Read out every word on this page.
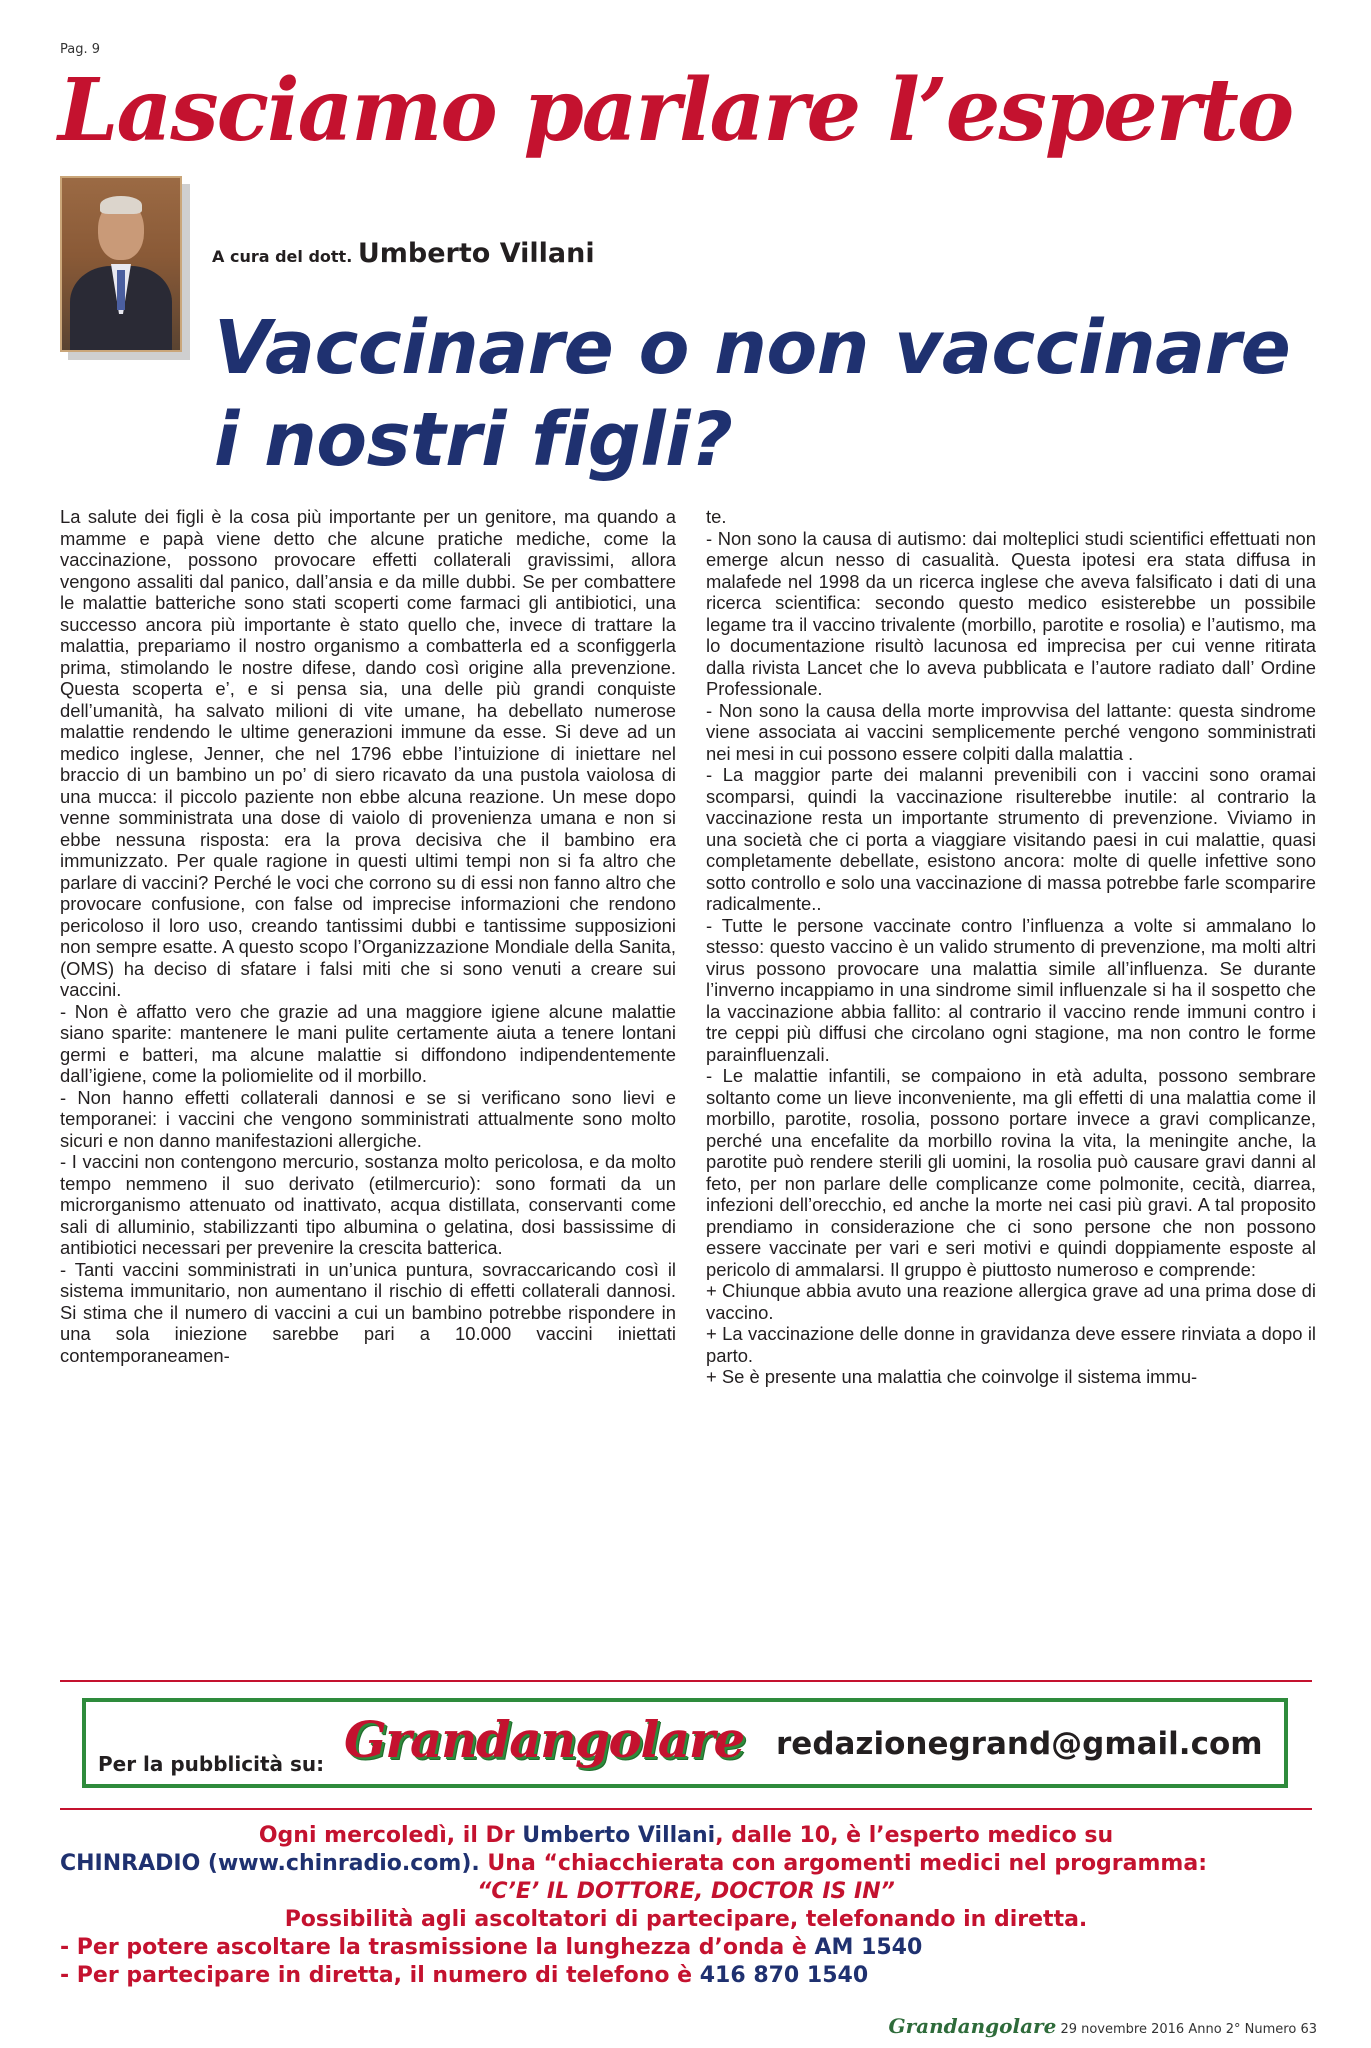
Pag. 9
Lasciamo parlare l’esperto
A cura del dott. Umberto Villani
Vaccinare o non vaccinare
i nostri figli?

La salute dei figli è la cosa più importante per un genitore, ma quando a mamme e papà viene detto che alcune pratiche mediche, come la vaccinazione, possono provocare effetti collaterali gravissimi, allora vengono assaliti dal panico, dall’ansia e da mille dubbi. Se per combattere le malattie batteriche sono stati scoperti come farmaci gli antibiotici, una successo ancora più importante è stato quello che, invece di trattare la malattia, prepariamo il nostro organismo a combatterla ed a sconfiggerla prima, stimolando le nostre difese, dando così origine alla prevenzione. Questa scoperta e’, e si pensa sia, una delle più grandi conquiste dell’umanità, ha salvato milioni di vite umane, ha debellato numerose malattie rendendo le ultime generazioni immune da esse. Si deve ad un medico inglese, Jenner, che nel 1796 ebbe l’intuizione di iniettare nel braccio di un bambino un po’ di siero ricavato da una pustola vaiolosa di una mucca: il piccolo paziente non ebbe alcuna reazione. Un mese dopo venne somministrata una dose di vaiolo di provenienza umana e non si ebbe nessuna risposta: era la prova decisiva che il bambino era immunizzato. Per quale ragione in questi ultimi tempi non si fa altro che parlare di vaccini? Perché le voci che corrono su di essi non fanno altro che provocare confusione, con false od imprecise informazioni che rendono pericoloso il loro uso, creando tantissimi dubbi e tantissime supposizioni non sempre esatte. A questo scopo l’Organizzazione Mondiale della Sanita, (OMS) ha deciso di sfatare i falsi miti che si sono venuti a creare sui vaccini.

- Non è affatto vero che grazie ad una maggiore igiene alcune malattie siano sparite: mantenere le mani pulite certamente aiuta a tenere lontani germi e batteri, ma alcune malattie si diffondono indipendentemente dall’igiene, come la poliomielite od il morbillo.

- Non hanno effetti collaterali dannosi e se si verificano sono lievi e temporanei: i vaccini che vengono somministrati attualmente sono molto sicuri e non danno manifestazioni allergiche.

- I vaccini non contengono mercurio, sostanza molto pericolosa, e da molto tempo nemmeno il suo derivato (etilmercurio): sono formati da un microrganismo attenuato od inattivato, acqua distillata, conservanti come sali di alluminio, stabilizzanti tipo albumina o gelatina, dosi bassissime di antibiotici necessari per prevenire la crescita batterica.

- Tanti vaccini somministrati in un’unica puntura, sovraccaricando così il sistema immunitario, non aumentano il rischio di effetti collaterali dannosi. Si stima che il numero di vaccini a cui un bambino potrebbe rispondere in una sola iniezione sarebbe pari a 10.000 vaccini iniettati contemporaneamen-

te.

- Non sono la causa di autismo: dai molteplici studi scientifici effettuati non emerge alcun nesso di casualità. Questa ipotesi era stata diffusa in malafede nel 1998 da un ricerca inglese che aveva falsificato i dati di una ricerca scientifica: secondo questo medico esisterebbe un possibile legame tra il vaccino trivalente (morbillo, parotite e rosolia) e l’autismo, ma lo documentazione risultò lacunosa ed imprecisa per cui venne ritirata dalla rivista Lancet che lo aveva pubblicata e l’autore radiato dall’ Ordine Professionale.

- Non sono la causa della morte improvvisa del lattante: questa sindrome viene associata ai vaccini semplicemente perché vengono somministrati nei mesi in cui possono essere colpiti dalla malattia .

- La maggior parte dei malanni prevenibili con i vaccini sono oramai scomparsi, quindi la vaccinazione risulterebbe inutile: al contrario la vaccinazione resta un importante strumento di prevenzione. Viviamo in una società che ci porta a viaggiare visitando paesi in cui malattie, quasi completamente debellate, esistono ancora: molte di quelle infettive sono sotto controllo e solo una vaccinazione di massa potrebbe farle scomparire radicalmente..

- Tutte le persone vaccinate contro l’influenza a volte si ammalano lo stesso: questo vaccino è un valido strumento di prevenzione, ma molti altri virus possono provocare una malattia simile all’influenza. Se durante l’inverno incappiamo in una sindrome simil influenzale si ha il sospetto che la vaccinazione abbia fallito: al contrario il vaccino rende immuni contro i tre ceppi più diffusi che circolano ogni stagione, ma non contro le forme parainfluenzali.

- Le malattie infantili, se compaiono in età adulta, possono sembrare soltanto come un lieve inconveniente, ma gli effetti di una malattia come il morbillo, parotite, rosolia, possono portare invece a gravi complicanze, perché una encefalite da morbillo rovina la vita, la meningite anche, la parotite può rendere sterili gli uomini, la rosolia può causare gravi danni al feto, per non parlare delle complicanze come polmonite, cecità, diarrea, infezioni dell’orecchio, ed anche la morte nei casi più gravi. A tal proposito prendiamo in considerazione che ci sono persone che non possono essere vaccinate per vari e seri motivi e quindi doppiamente esposte al pericolo di ammalarsi. Il gruppo è piuttosto numeroso e comprende:

+ Chiunque abbia avuto una reazione allergica grave ad una prima dose di vaccino.

+ La vaccinazione delle donne in gravidanza deve essere rinviata a dopo il parto.

+ Se è presente una malattia che coinvolge il sistema immu-

Per la pubblicità su: Grandangolare redazionegrand@gmail.com
Ogni mercoledì, il Dr Umberto Villani, dalle 10, è l’esperto medico su
CHINRADIO (www.chinradio.com). Una “chiacchierata con argomenti medici nel programma:
“C’E’ IL DOTTORE, DOCTOR IS IN”
Possibilità agli ascoltatori di partecipare, telefonando in diretta.
- Per potere ascoltare la trasmissione la lunghezza d’onda è AM 1540
- Per partecipare in diretta, il numero di telefono è 416 870 1540
Grandangolare 29 novembre 2016 Anno 2° Numero 63
